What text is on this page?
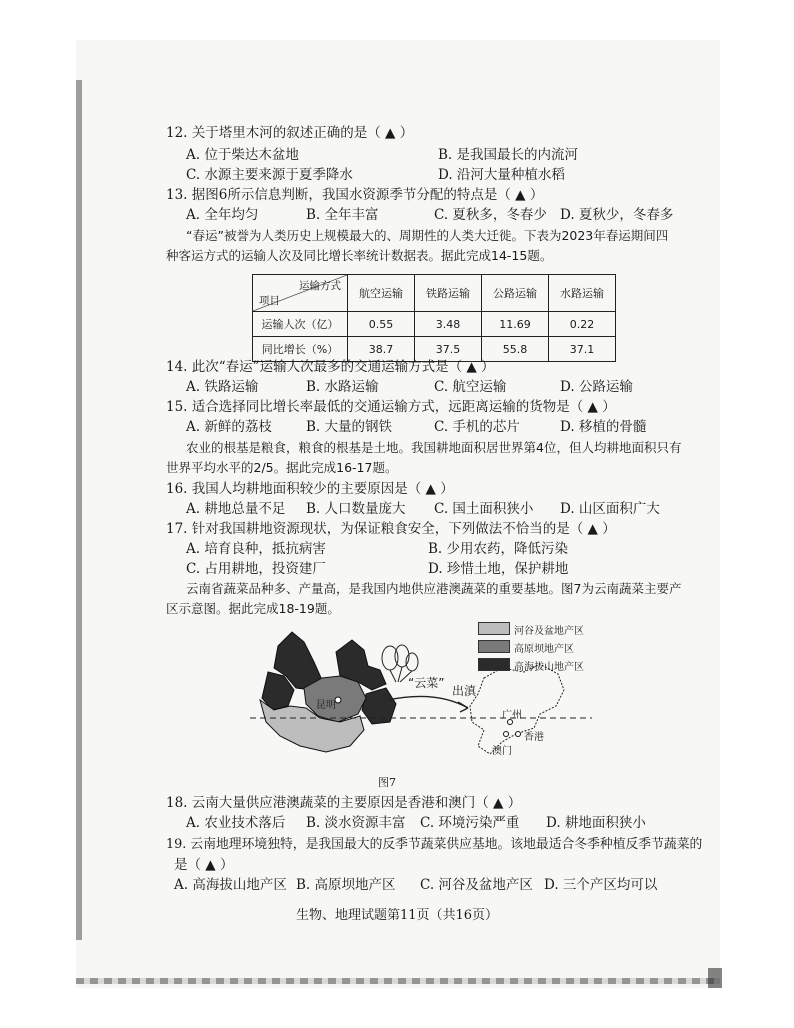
12. 关于塔里木河的叙述正确的是（ ▲ ）
A. 位于柴达木盆地	B. 是我国最长的内流河
C. 水源主要来源于夏季降水	D. 沿河大量种植水稻
13. 据图6所示信息判断，我国水资源季节分配的特点是（ ▲ ）
A. 全年均匀	B. 全年丰富	C. 夏秋多，冬春少 D. 夏秋少，冬春多
“春运”被誉为人类历史上规模最大的、周期性的人类大迁徙。下表为2023年春运期间四
种客运方式的运输人次及同比增长率统计数据表。据此完成14-15题。
运输方式
项目	航空运输	铁路运输	公路运输	水路运输
运输人次（亿）	0.55	3.48	11.69	0.22
同比增长（%）	38.7	37.5	55.8	37.1
14. 此次“春运”运输人次最多的交通运输方式是（ ▲ ）
A. 铁路运输	B. 水路运输	C. 航空运输	D. 公路运输
15. 适合选择同比增长率最低的交通运输方式，远距离运输的货物是（ ▲ ）
A. 新鲜的荔枝	B. 大量的钢铁	C. 手机的芯片	D. 移植的骨髓
农业的根基是粮食，粮食的根基是土地。我国耕地面积居世界第4位，但人均耕地面积只有
世界平均水平的2/5。据此完成16-17题。
16. 我国人均耕地面积较少的主要原因是（ ▲ ）
A. 耕地总量不足 B. 人口数量庞大 C. 国土面积狭小 D. 山区面积广大
17. 针对我国耕地资源现状，为保证粮食安全，下列做法不恰当的是（ ▲ ）
A. 培育良种，抵抗病害	B. 少用农药，降低污染
C. 占用耕地，投资建厂	D. 珍惜土地，保护耕地
云南省蔬菜品种多、产量高，是我国内地供应港澳蔬菜的重要基地。图7为云南蔬菜主要产
区示意图。据此完成18-19题。
昆明
“云菜”
出滇
广州
香港
澳门
河谷及盆地产区
高原坝地产区
高海拔山地产区
图7
18. 云南大量供应港澳蔬菜的主要原因是香港和澳门（ ▲ ）
A. 农业技术落后 B. 淡水资源丰富 C. 环境污染严重 D. 耕地面积狭小
19. 云南地理环境独特，是我国最大的反季节蔬菜供应基地。该地最适合冬季种植反季节蔬菜的
是（ ▲ ）
A. 高海拔山地产区 B. 高原坝地产区 C. 河谷及盆地产区 D. 三个产区均可以
生物、地理试题第11页（共16页）
